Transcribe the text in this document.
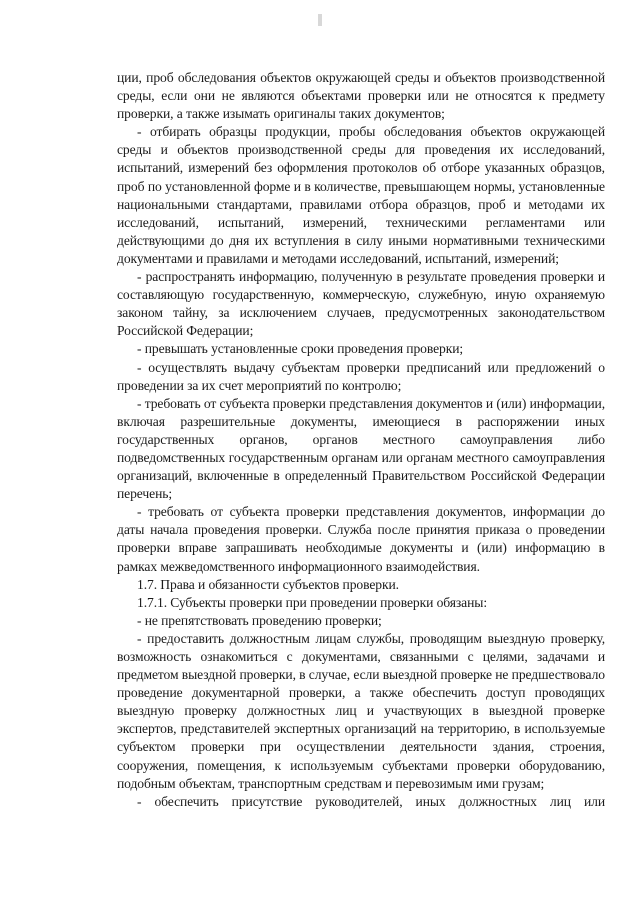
ции, проб обследования объектов окружающей среды и объектов производственной среды, если они не являются объектами проверки или не относятся к предмету проверки, а также изымать оригиналы таких документов;

- отбирать образцы продукции, пробы обследования объектов окружающей среды и объектов производственной среды для проведения их исследований, испытаний, измерений без оформления протоколов об отборе указанных образцов, проб по установленной форме и в количестве, превышающем нормы, установленные национальными стандартами, правилами отбора образцов, проб и методами их исследований, испытаний, измерений, техническими регламентами или действующими до дня их вступления в силу иными нормативными техническими документами и правилами и методами исследований, испытаний, измерений;

- распространять информацию, полученную в результате проведения проверки и составляющую государственную, коммерческую, служебную, иную охраняемую законом тайну, за исключением случаев, предусмотренных законодательством Российской Федерации;

- превышать установленные сроки проведения проверки;

- осуществлять выдачу субъектам проверки предписаний или предложений о проведении за их счет мероприятий по контролю;

- требовать от субъекта проверки представления документов и (или) информации, включая разрешительные документы, имеющиеся в распоряжении иных государственных органов, органов местного самоуправления либо подведомственных государственным органам или органам местного самоуправления организаций, включенные в определенный Правительством Российской Федерации перечень;

- требовать от субъекта проверки представления документов, информации до даты начала проведения проверки. Служба после принятия приказа о проведении проверки вправе запрашивать необходимые документы и (или) информацию в рамках межведомственного информационного взаимодействия.

1.7. Права и обязанности субъектов проверки.

1.7.1. Субъекты проверки при проведении проверки обязаны:

- не препятствовать проведению проверки;

- предоставить должностным лицам службы, проводящим выездную проверку, возможность ознакомиться с документами, связанными с целями, задачами и предметом выездной проверки, в случае, если выездной проверке не предшествовало проведение документарной проверки, а также обеспечить доступ проводящих выездную проверку должностных лиц и участвующих в выездной проверке экспертов, представителей экспертных организаций на территорию, в используемые субъектом проверки при осуществлении деятельности здания, строения, сооружения, помещения, к используемым субъектами проверки оборудованию, подобным объектам, транспортным средствам и перевозимым ими грузам;

- обеспечить присутствие руководителей, иных должностных лиц или
